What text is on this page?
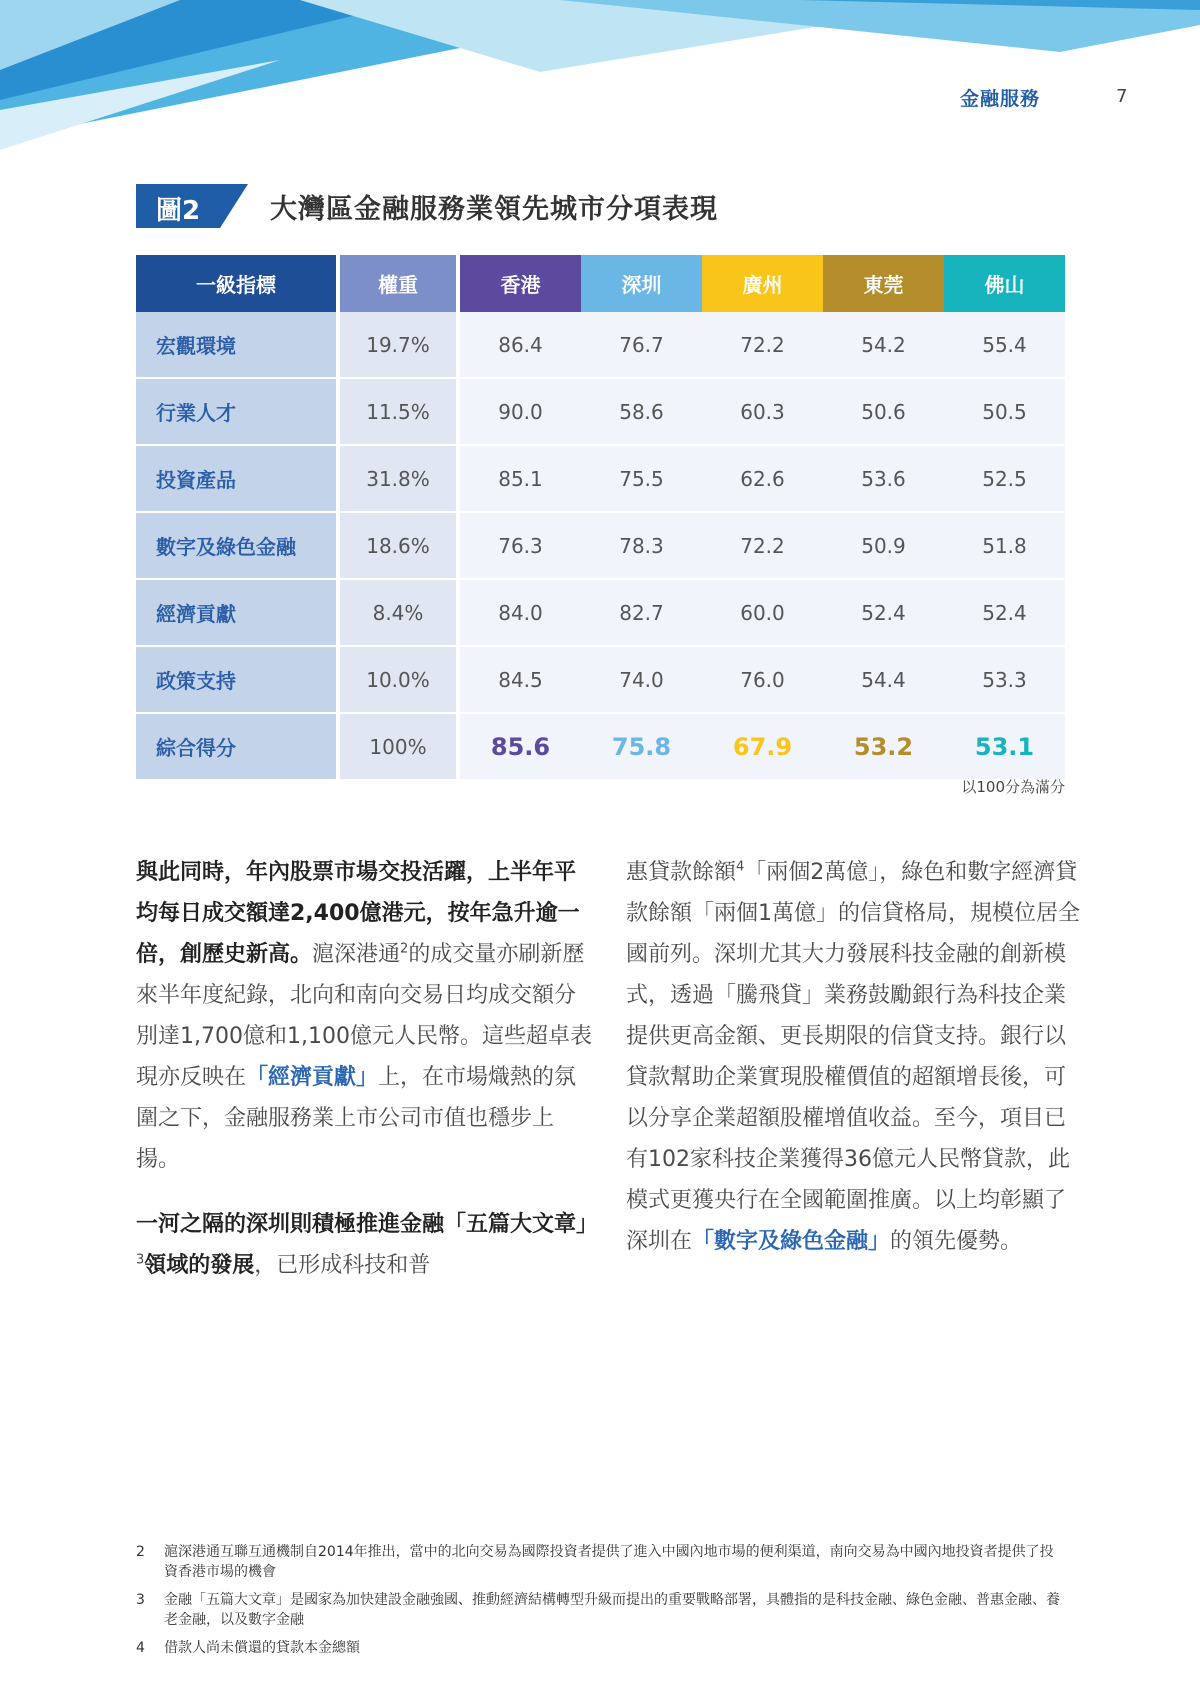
金融服務	7
圖2	大灣區金融服務業領先城市分項表現
一級指標	權重	香港	深圳	廣州	東莞	佛山
宏觀環境	19.7%	86.4	76.7	72.2	54.2	55.4
行業人才	11.5%	90.0	58.6	60.3	50.6	50.5
投資產品	31.8%	85.1	75.5	62.6	53.6	52.5
數字及綠色金融	18.6%	76.3	78.3	72.2	50.9	51.8
經濟貢獻	8.4%	84.0	82.7	60.0	52.4	52.4
政策支持	10.0%	84.5	74.0	76.0	54.4	53.3
綜合得分	100%	85.6	75.8	67.9	53.2	53.1
以100分為滿分

與此同時，年內股票市場交投活躍，上半年平均每日成交額達2,400億港元，按年急升逾一倍，創歷史新高。滬深港通$^2$的成交量亦刷新歷來半年度紀錄，北向和南向交易日均成交額分別達1,700億和1,100億元人民幣。這些超卓表現亦反映在「經濟貢獻」上，在市場熾熱的氛圍之下，金融服務業上市公司市值也穩步上揚。

一河之隔的深圳則積極推進金融「五篇大文章」$^3$領域的發展，已形成科技和普

惠貸款餘額$^4$「兩個2萬億」，綠色和數字經濟貸款餘額「兩個1萬億」的信貸格局，規模位居全國前列。深圳尤其大力發展科技金融的創新模式，透過「騰飛貸」業務鼓勵銀行為科技企業提供更高金額、更長期限的信貸支持。銀行以貸款幫助企業實現股權價值的超額增長後，可以分享企業超額股權增值收益。至今，項目已有102家科技企業獲得36億元人民幣貸款，此模式更獲央行在全國範圍推廣。以上均彰顯了深圳在「數字及綠色金融」的領先優勢。

2	滬深港通互聯互通機制自2014年推出，當中的北向交易為國際投資者提供了進入中國內地市場的便利渠道，南向交易為中國內地投資者提供了投資香港市場的機會
3	金融「五篇大文章」是國家為加快建設金融強國、推動經濟結構轉型升級而提出的重要戰略部署，具體指的是科技金融、綠色金融、普惠金融、養老金融，以及數字金融
4	借款人尚未償還的貸款本金總額
